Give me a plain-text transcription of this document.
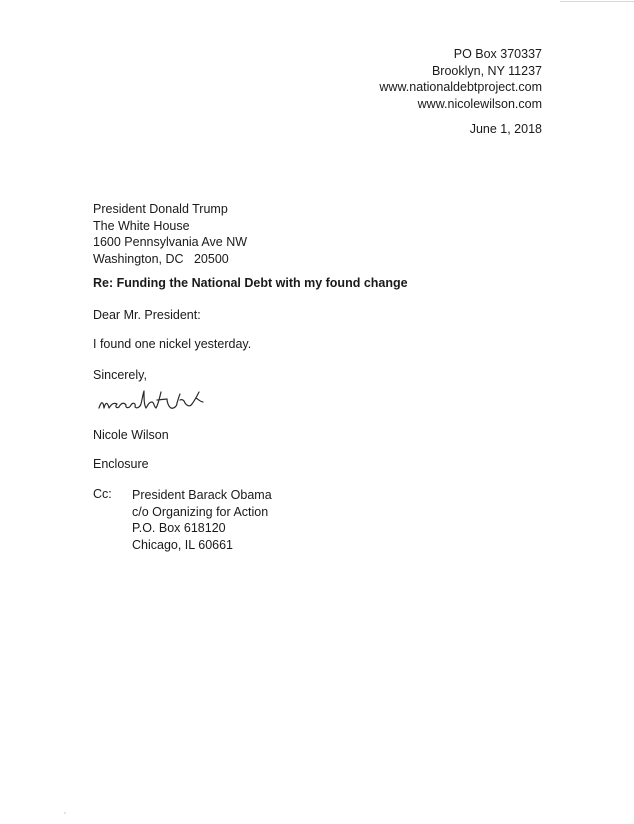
PO Box 370337
Brooklyn, NY 11237
www.nationaldebtproject.com
www.nicolewilson.com
June 1, 2018
President Donald Trump
The White House
1600 Pennsylvania Ave NW
Washington, DC   20500
Re: Funding the National Debt with my found change
Dear Mr. President:
I found one nickel yesterday.
Sincerely,
Nicole Wilson
Enclosure
Cc: President Barack Obama
c/o Organizing for Action
P.O. Box 618120
Chicago, IL 60661
